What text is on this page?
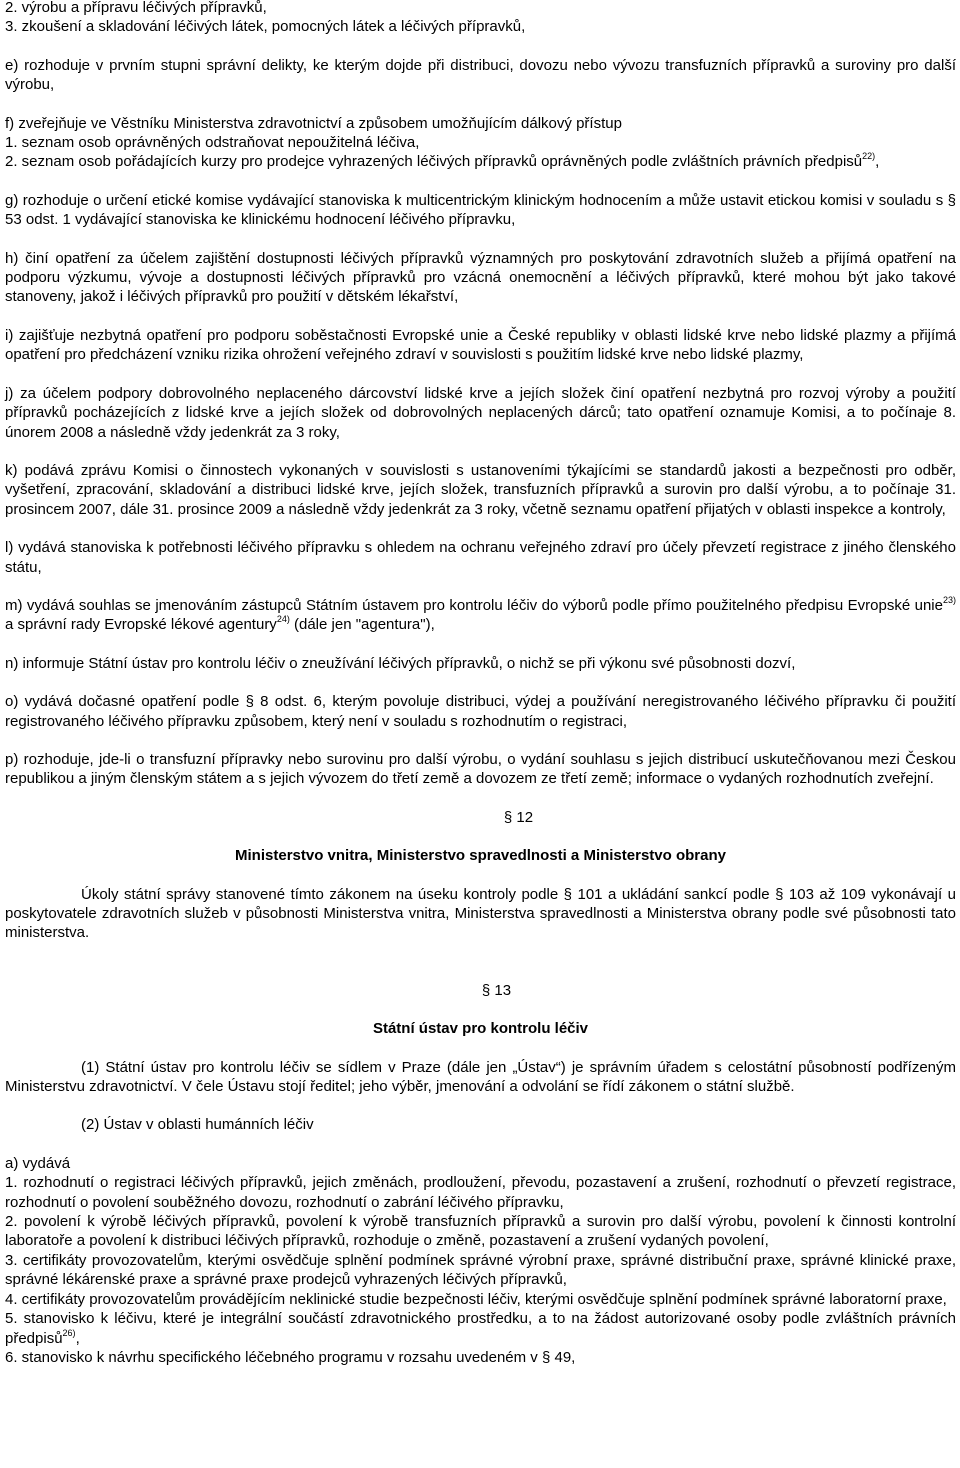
2. výrobu a přípravu léčivých přípravků,

3. zkoušení a skladování léčivých látek, pomocných látek a léčivých přípravků,

e) rozhoduje v prvním stupni správní delikty, ke kterým dojde při distribuci, dovozu nebo vývozu transfuzních přípravků a suroviny pro další výrobu,

f) zveřejňuje ve Věstníku Ministerstva zdravotnictví a způsobem umožňujícím dálkový přístup

1. seznam osob oprávněných odstraňovat nepoužitelná léčiva,

2. seznam osob pořádajících kurzy pro prodejce vyhrazených léčivých přípravků oprávněných podle zvláštních právních předpisů$^{22)}$,

g) rozhoduje o určení etické komise vydávající stanoviska k multicentrickým klinickým hodnocením a může ustavit etickou komisi v souladu s § 53 odst. 1 vydávající stanoviska ke klinickému hodnocení léčivého přípravku,

h) činí opatření za účelem zajištění dostupnosti léčivých přípravků významných pro poskytování zdravotních služeb a přijímá opatření na podporu výzkumu, vývoje a dostupnosti léčivých přípravků pro vzácná onemocnění a léčivých přípravků, které mohou být jako takové stanoveny, jakož i léčivých přípravků pro použití v dětském lékařství,

i) zajišťuje nezbytná opatření pro podporu soběstačnosti Evropské unie a České republiky v oblasti lidské krve nebo lidské plazmy a přijímá opatření pro předcházení vzniku rizika ohrožení veřejného zdraví v souvislosti s použitím lidské krve nebo lidské plazmy,

j) za účelem podpory dobrovolného neplaceného dárcovství lidské krve a jejích složek činí opatření nezbytná pro rozvoj výroby a použití přípravků pocházejících z lidské krve a jejích složek od dobrovolných neplacených dárců; tato opatření oznamuje Komisi, a to počínaje 8. únorem 2008 a následně vždy jedenkrát za 3 roky,

k) podává zprávu Komisi o činnostech vykonaných v souvislosti s ustanoveními týkajícími se standardů jakosti a bezpečnosti pro odběr, vyšetření, zpracování, skladování a distribuci lidské krve, jejích složek, transfuzních přípravků a surovin pro další výrobu, a to počínaje 31. prosincem 2007, dále 31. prosince 2009 a následně vždy jedenkrát za 3 roky, včetně seznamu opatření přijatých v oblasti inspekce a kontroly,

l) vydává stanoviska k potřebnosti léčivého přípravku s ohledem na ochranu veřejného zdraví pro účely převzetí registrace z jiného členského státu,

m) vydává souhlas se jmenováním zástupců Státním ústavem pro kontrolu léčiv do výborů podle přímo použitelného předpisu Evropské unie$^{23)}$ a správní rady Evropské lékové agentury$^{24)}$ (dále jen "agentura"),

n) informuje Státní ústav pro kontrolu léčiv o zneužívání léčivých přípravků, o nichž se při výkonu své působnosti dozví,

o) vydává dočasné opatření podle § 8 odst. 6, kterým povoluje distribuci, výdej a používání neregistrovaného léčivého přípravku či použití registrovaného léčivého přípravku způsobem, který není v souladu s rozhodnutím o registraci,

p) rozhoduje, jde-li o transfuzní přípravky nebo surovinu pro další výrobu, o vydání souhlasu s jejich distribucí uskutečňovanou mezi Českou republikou a jiným členským státem a s jejich vývozem do třetí země a dovozem ze třetí země; informace o vydaných rozhodnutích zveřejní.

§ 12

Ministerstvo vnitra, Ministerstvo spravedlnosti a Ministerstvo obrany

Úkoly státní správy stanovené tímto zákonem na úseku kontroly podle § 101 a ukládání sankcí podle § 103 až 109 vykonávají u poskytovatele zdravotních služeb v působnosti Ministerstva vnitra, Ministerstva spravedlnosti a Ministerstva obrany podle své působnosti tato ministerstva.

§ 13

Státní ústav pro kontrolu léčiv

(1) Státní ústav pro kontrolu léčiv se sídlem v Praze (dále jen „Ústav“) je správním úřadem s celostátní působností podřízeným Ministerstvu zdravotnictví. V čele Ústavu stojí ředitel; jeho výběr, jmenování a odvolání se řídí zákonem o státní službě.

(2) Ústav v oblasti humánních léčiv

a) vydává

1. rozhodnutí o registraci léčivých přípravků, jejich změnách, prodloužení, převodu, pozastavení a zrušení, rozhodnutí o převzetí registrace, rozhodnutí o povolení souběžného dovozu, rozhodnutí o zabrání léčivého přípravku,

2. povolení k výrobě léčivých přípravků, povolení k výrobě transfuzních přípravků a surovin pro další výrobu, povolení k činnosti kontrolní laboratoře a povolení k distribuci léčivých přípravků, rozhoduje o změně, pozastavení a zrušení vydaných povolení,

3. certifikáty provozovatelům, kterými osvědčuje splnění podmínek správné výrobní praxe, správné distribuční praxe, správné klinické praxe, správné lékárenské praxe a správné praxe prodejců vyhrazených léčivých přípravků,

4. certifikáty provozovatelům provádějícím neklinické studie bezpečnosti léčiv, kterými osvědčuje splnění podmínek správné laboratorní praxe,

5. stanovisko k léčivu, které je integrální součástí zdravotnického prostředku, a to na žádost autorizované osoby podle zvláštních právních předpisů$^{26)}$,

6. stanovisko k návrhu specifického léčebného programu v rozsahu uvedeném v § 49,
